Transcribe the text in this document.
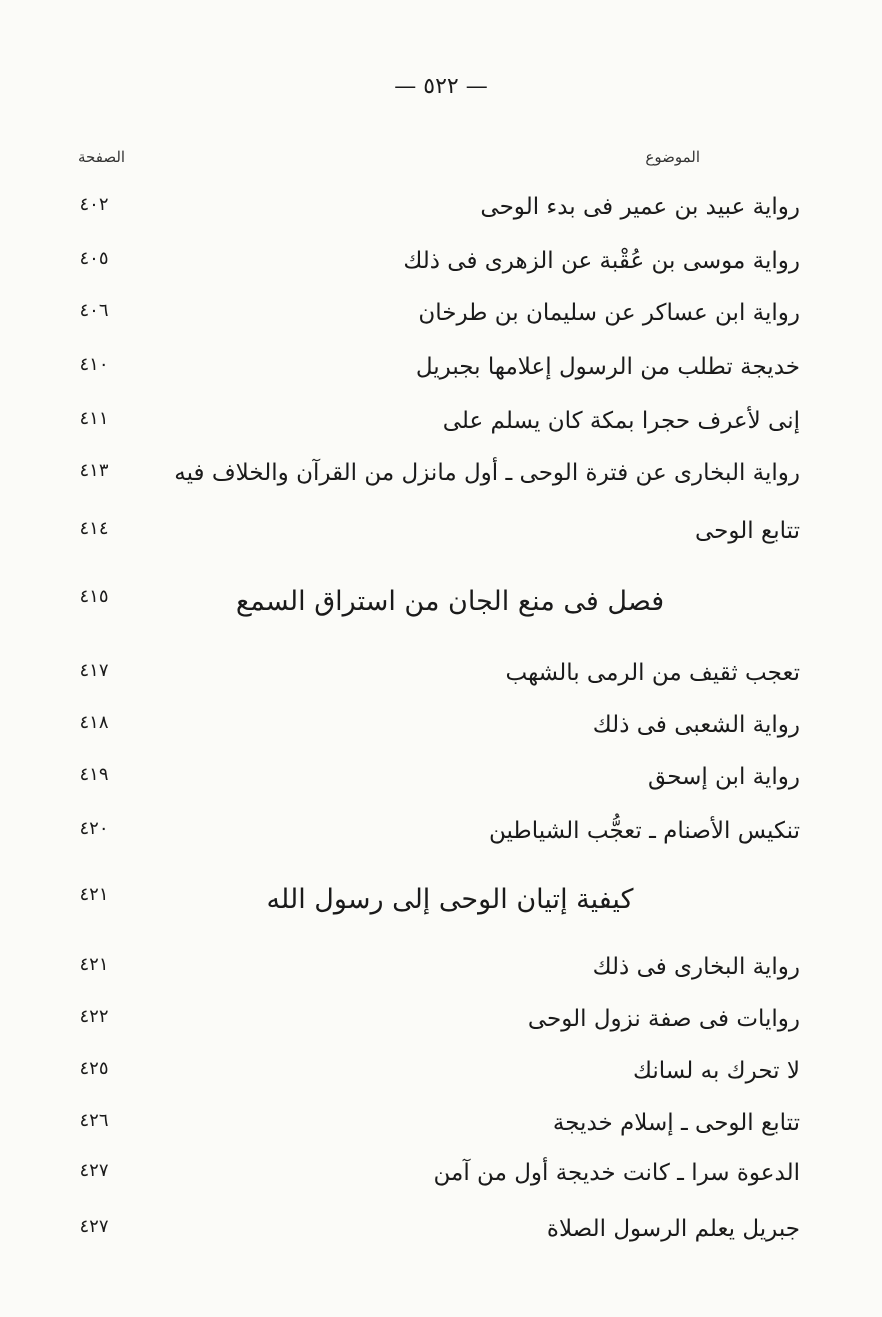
— ٥٢٢ —
الموضوع
الصفحة
رواية عبيد بن عمير فى بدء الوحى
٤٠٢
رواية موسى بن عُقْبة عن الزهرى فى ذلك
٤٠٥
رواية ابن عساكر عن سليمان بن طرخان
٤٠٦
خديجة تطلب من الرسول إعلامها بجبريل
٤١٠
إنى لأعرف حجرا بمكة كان يسلم على
٤١١
رواية البخارى عن فترة الوحى ـ أول مانزل من القرآن والخلاف فيه
٤١٣
تتابع الوحى
٤١٤
فصل فى منع الجان من استراق السمع
٤١٥
تعجب ثقيف من الرمى بالشهب
٤١٧
رواية الشعبى فى ذلك
٤١٨
رواية ابن إسحق
٤١٩
تنكيس الأصنام ـ تعجُّب الشياطين
٤٢٠
كيفية إتيان الوحى إلى رسول الله
٤٢١
رواية البخارى فى ذلك
٤٢١
روايات فى صفة نزول الوحى
٤٢٢
لا تحرك به لسانك
٤٢٥
تتابع الوحى ـ إسلام خديجة
٤٢٦
الدعوة سرا ـ كانت خديجة أول من آمن
٤٢٧
جبريل يعلم الرسول الصلاة
٤٢٧
